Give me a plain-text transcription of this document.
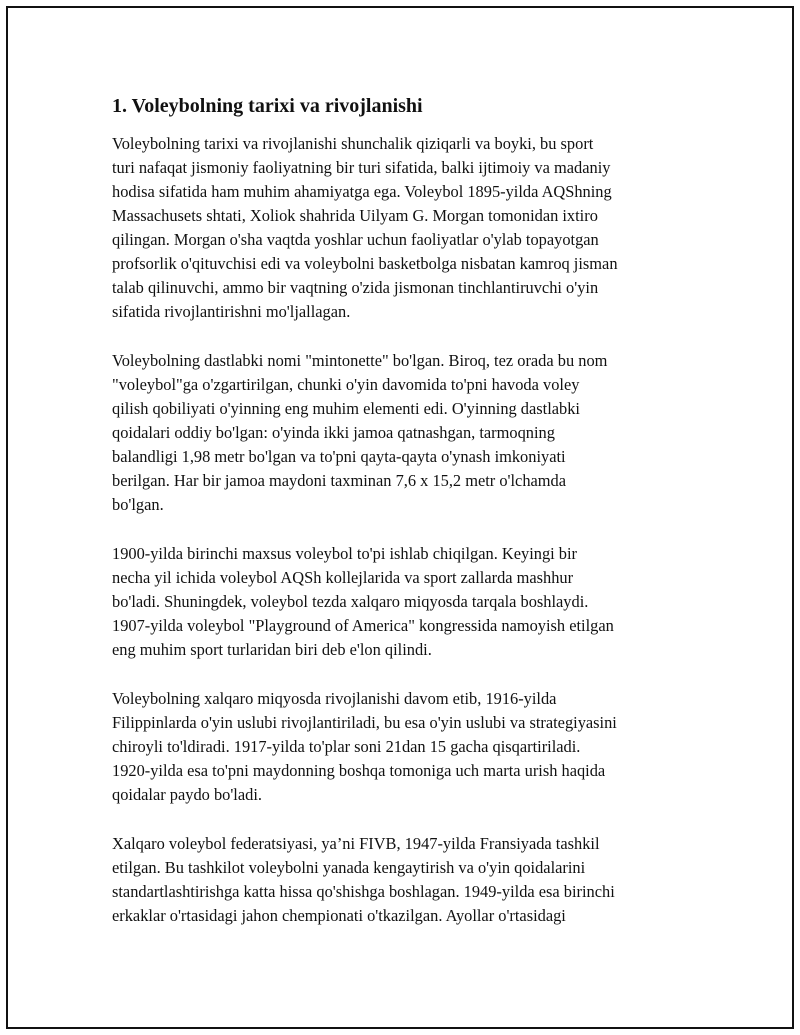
1. Voleybolning tarixi va rivojlanishi
Voleybolning tarixi va rivojlanishi shunchalik qiziqarli va boyki, bu sport
turi nafaqat jismoniy faoliyatning bir turi sifatida, balki ijtimoiy va madaniy
hodisa sifatida ham muhim ahamiyatga ega. Voleybol 1895-yilda AQShning
Massachusets shtati, Xoliok shahrida Uilyam G. Morgan tomonidan ixtiro
qilingan. Morgan o'sha vaqtda yoshlar uchun faoliyatlar o'ylab topayotgan
profsorlik o'qituvchisi edi va voleybolni basketbolga nisbatan kamroq jisman
talab qilinuvchi, ammo bir vaqtning o'zida jismonan tinchlantiruvchi o'yin
sifatida rivojlantirishni mo'ljallagan.
Voleybolning dastlabki nomi "mintonette" bo'lgan. Biroq, tez orada bu nom
"voleybol"ga o'zgartirilgan, chunki o'yin davomida to'pni havoda voley
qilish qobiliyati o'yinning eng muhim elementi edi. O'yinning dastlabki
qoidalari oddiy bo'lgan: o'yinda ikki jamoa qatnashgan, tarmoqning
balandligi 1,98 metr bo'lgan va to'pni qayta-qayta o'ynash imkoniyati
berilgan. Har bir jamoa maydoni taxminan 7,6 x 15,2 metr o'lchamda
bo'lgan.
1900-yilda birinchi maxsus voleybol to'pi ishlab chiqilgan. Keyingi bir
necha yil ichida voleybol AQSh kollejlarida va sport zallarda mashhur
bo'ladi. Shuningdek, voleybol tezda xalqaro miqyosda tarqala boshlaydi.
1907-yilda voleybol "Playground of America" kongressida namoyish etilgan
eng muhim sport turlaridan biri deb e'lon qilindi.
Voleybolning xalqaro miqyosda rivojlanishi davom etib, 1916-yilda
Filippinlarda o'yin uslubi rivojlantiriladi, bu esa o'yin uslubi va strategiyasini
chiroyli to'ldiradi. 1917-yilda to'plar soni 21dan 15 gacha qisqartiriladi.
1920-yilda esa to'pni maydonning boshqa tomoniga uch marta urish haqida
qoidalar paydo bo'ladi.
Xalqaro voleybol federatsiyasi, ya’ni FIVB, 1947-yilda Fransiyada tashkil
etilgan. Bu tashkilot voleybolni yanada kengaytirish va o'yin qoidalarini
standartlashtirishga katta hissa qo'shishga boshlagan. 1949-yilda esa birinchi
erkaklar o'rtasidagi jahon chempionati o'tkazilgan. Ayollar o'rtasidagi
